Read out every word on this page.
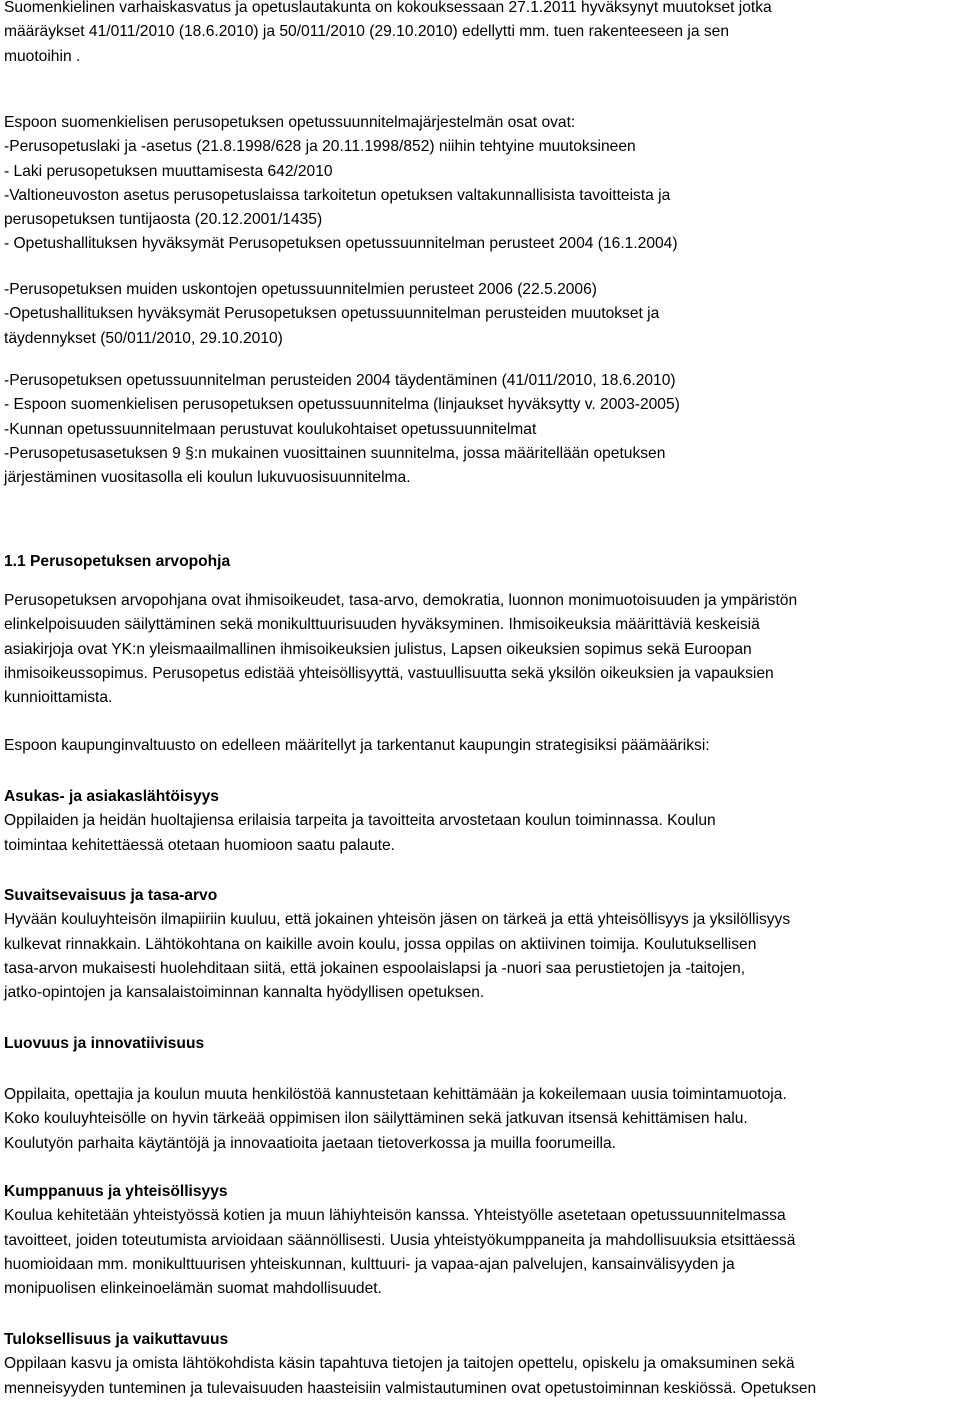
Suomenkielinen varhaiskasvatus ja opetuslautakunta on kokouksessaan 27.1.2011 hyväksynyt muutokset jotka
määräykset 41/011/2010 (18.6.2010) ja 50/011/2010 (29.10.2010) edellytti mm. tuen rakenteeseen ja sen
muotoihin .
Espoon suomenkielisen perusopetuksen opetussuunnitelmajärjestelmän osat ovat:
-Perusopetuslaki ja -asetus (21.8.1998/628 ja 20.11.1998/852) niihin tehtyine muutoksineen
- Laki perusopetuksen muuttamisesta 642/2010
-Valtioneuvoston asetus perusopetuslaissa tarkoitetun opetuksen valtakunnallisista tavoitteista ja
perusopetuksen tuntijaosta (20.12.2001/1435)
- Opetushallituksen hyväksymät Perusopetuksen opetussuunnitelman perusteet 2004 (16.1.2004)
-Perusopetuksen muiden uskontojen opetussuunnitelmien perusteet 2006 (22.5.2006)
-Opetushallituksen hyväksymät Perusopetuksen opetussuunnitelman perusteiden muutokset ja
täydennykset (50/011/2010, 29.10.2010)
-Perusopetuksen opetussuunnitelman perusteiden 2004 täydentäminen (41/011/2010, 18.6.2010)
- Espoon suomenkielisen perusopetuksen opetussuunnitelma (linjaukset hyväksytty v. 2003-2005)
-Kunnan opetussuunnitelmaan perustuvat koulukohtaiset opetussuunnitelmat
-Perusopetusasetuksen 9 §:n mukainen vuosittainen suunnitelma, jossa määritellään opetuksen
järjestäminen vuositasolla eli koulun lukuvuosisuunnitelma.
1.1 Perusopetuksen arvopohja
Perusopetuksen arvopohjana ovat ihmisoikeudet, tasa-arvo, demokratia, luonnon monimuotoisuuden ja ympäristön
elinkelpoisuuden säilyttäminen sekä monikulttuurisuuden hyväksyminen. Ihmisoikeuksia määrittäviä keskeisiä
asiakirjoja ovat YK:n yleismaailmallinen ihmisoikeuksien julistus, Lapsen oikeuksien sopimus sekä Euroopan
ihmisoikeussopimus. Perusopetus edistää yhteisöllisyyttä, vastuullisuutta sekä yksilön oikeuksien ja vapauksien
kunnioittamista.
Espoon kaupunginvaltuusto on edelleen määritellyt ja tarkentanut kaupungin strategisiksi päämääriksi:
Asukas- ja asiakaslähtöisyys
Oppilaiden ja heidän huoltajiensa erilaisia tarpeita ja tavoitteita arvostetaan koulun toiminnassa. Koulun
toimintaa kehitettäessä otetaan huomioon saatu palaute.
Suvaitsevaisuus ja tasa-arvo
Hyvään kouluyhteisön ilmapiiriin kuuluu, että jokainen yhteisön jäsen on tärkeä ja että yhteisöllisyys ja yksilöllisyys
kulkevat rinnakkain. Lähtökohtana on kaikille avoin koulu, jossa oppilas on aktiivinen toimija. Koulutuksellisen
tasa-arvon mukaisesti huolehditaan siitä, että jokainen espoolaislapsi ja -nuori saa perustietojen ja -taitojen,
jatko-opintojen ja kansalaistoiminnan kannalta hyödyllisen opetuksen.
Luovuus ja innovatiivisuus
Oppilaita, opettajia ja koulun muuta henkilöstöä kannustetaan kehittämään ja kokeilemaan uusia toimintamuotoja.
Koko kouluyhteisölle on hyvin tärkeää oppimisen ilon säilyttäminen sekä jatkuvan itsensä kehittämisen halu.
Koulutyön parhaita käytäntöjä ja innovaatioita jaetaan tietoverkossa ja muilla foorumeilla.
Kumppanuus ja yhteisöllisyys
Koulua kehitetään yhteistyössä kotien ja muun lähiyhteisön kanssa. Yhteistyölle asetetaan opetussuunnitelmassa
tavoitteet, joiden toteutumista arvioidaan säännöllisesti. Uusia yhteistyökumppaneita ja mahdollisuuksia etsittäessä
huomioidaan mm. monikulttuurisen yhteiskunnan, kulttuuri- ja vapaa-ajan palvelujen, kansainvälisyyden ja
monipuolisen elinkeinoelämän suomat mahdollisuudet.
Tuloksellisuus ja vaikuttavuus
Oppilaan kasvu ja omista lähtökohdista käsin tapahtuva tietojen ja taitojen opettelu, opiskelu ja omaksuminen sekä
menneisyyden tunteminen ja tulevaisuuden haasteisiin valmistautuminen ovat opetustoiminnan keskiössä. Opetuksen
